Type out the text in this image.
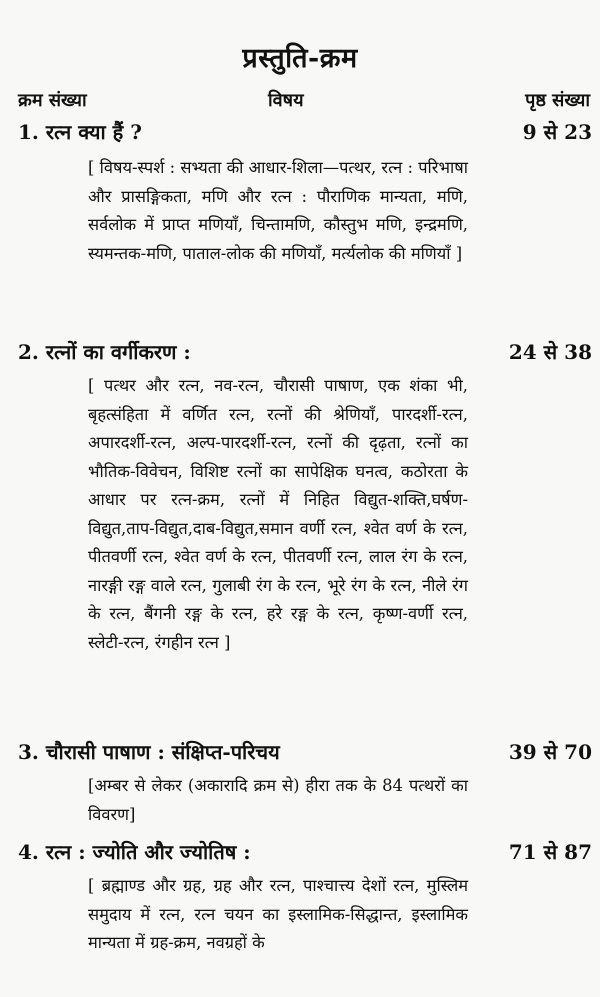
प्रस्तुति-क्रम
क्रम संख्या	विषय	पृष्ठ संख्या
1. रत्न क्या हैं ?	9 से 23
[ विषय-स्पर्श : सभ्यता की आधार-शिला—पत्थर, रत्न : परिभाषा और प्रासङ्गिकता, मणि और रत्न : पौराणिक मान्यता, मणि, सर्वलोक में प्राप्त मणियाँ, चिन्तामणि, कौस्तुभ मणि, इन्द्रमणि, स्यमन्तक-मणि, पाताल-लोक की मणियाँ, मर्त्यलोक की मणियाँ ]
2. रत्नों का वर्गीकरण :	24 से 38
[ पत्थर और रत्न, नव-रत्न, चौरासी पाषाण, एक शंका भी, बृहत्संहिता में वर्णित रत्न, रत्नों की श्रेणियाँ, पारदर्शी-रत्न, अपारदर्शी-रत्न, अल्प-पारदर्शी-रत्न, रत्नों की दृढ़ता, रत्नों का भौतिक-विवेचन, विशिष्ट रत्नों का सापेक्षिक घनत्व, कठोरता के आधार पर रत्न-क्रम, रत्नों में निहित विद्युत-शक्ति,घर्षण-विद्युत,ताप-विद्युत,दाब-विद्युत,समान वर्णी रत्न, श्वेत वर्ण के रत्न, पीतवर्णी रत्न, श्वेत वर्ण के रत्न, पीतवर्णी रत्न, लाल रंग के रत्न, नारङ्गी रङ्ग वाले रत्न, गुलाबी रंग के रत्न, भूरे रंग के रत्न, नीले रंग के रत्न, बैंगनी रङ्ग के रत्न, हरे रङ्ग के रत्न, कृष्ण-वर्णी रत्न, स्लेटी-रत्न, रंगहीन रत्न ]
3. चौरासी पाषाण : संक्षिप्त-परिचय	39 से 70
[अम्बर से लेकर (अकारादि क्रम से) हीरा तक के 84 पत्थरों का विवरण]
4. रत्न : ज्योति और ज्योतिष :	71 से 87
[ ब्रह्माण्ड और ग्रह, ग्रह और रत्न, पाश्चात्त्य देशों रत्न, मुस्लिम समुदाय में रत्न, रत्न चयन का इस्लामिक-सिद्धान्त, इस्लामिक मान्यता में ग्रह-क्रम, नवग्रहों के
